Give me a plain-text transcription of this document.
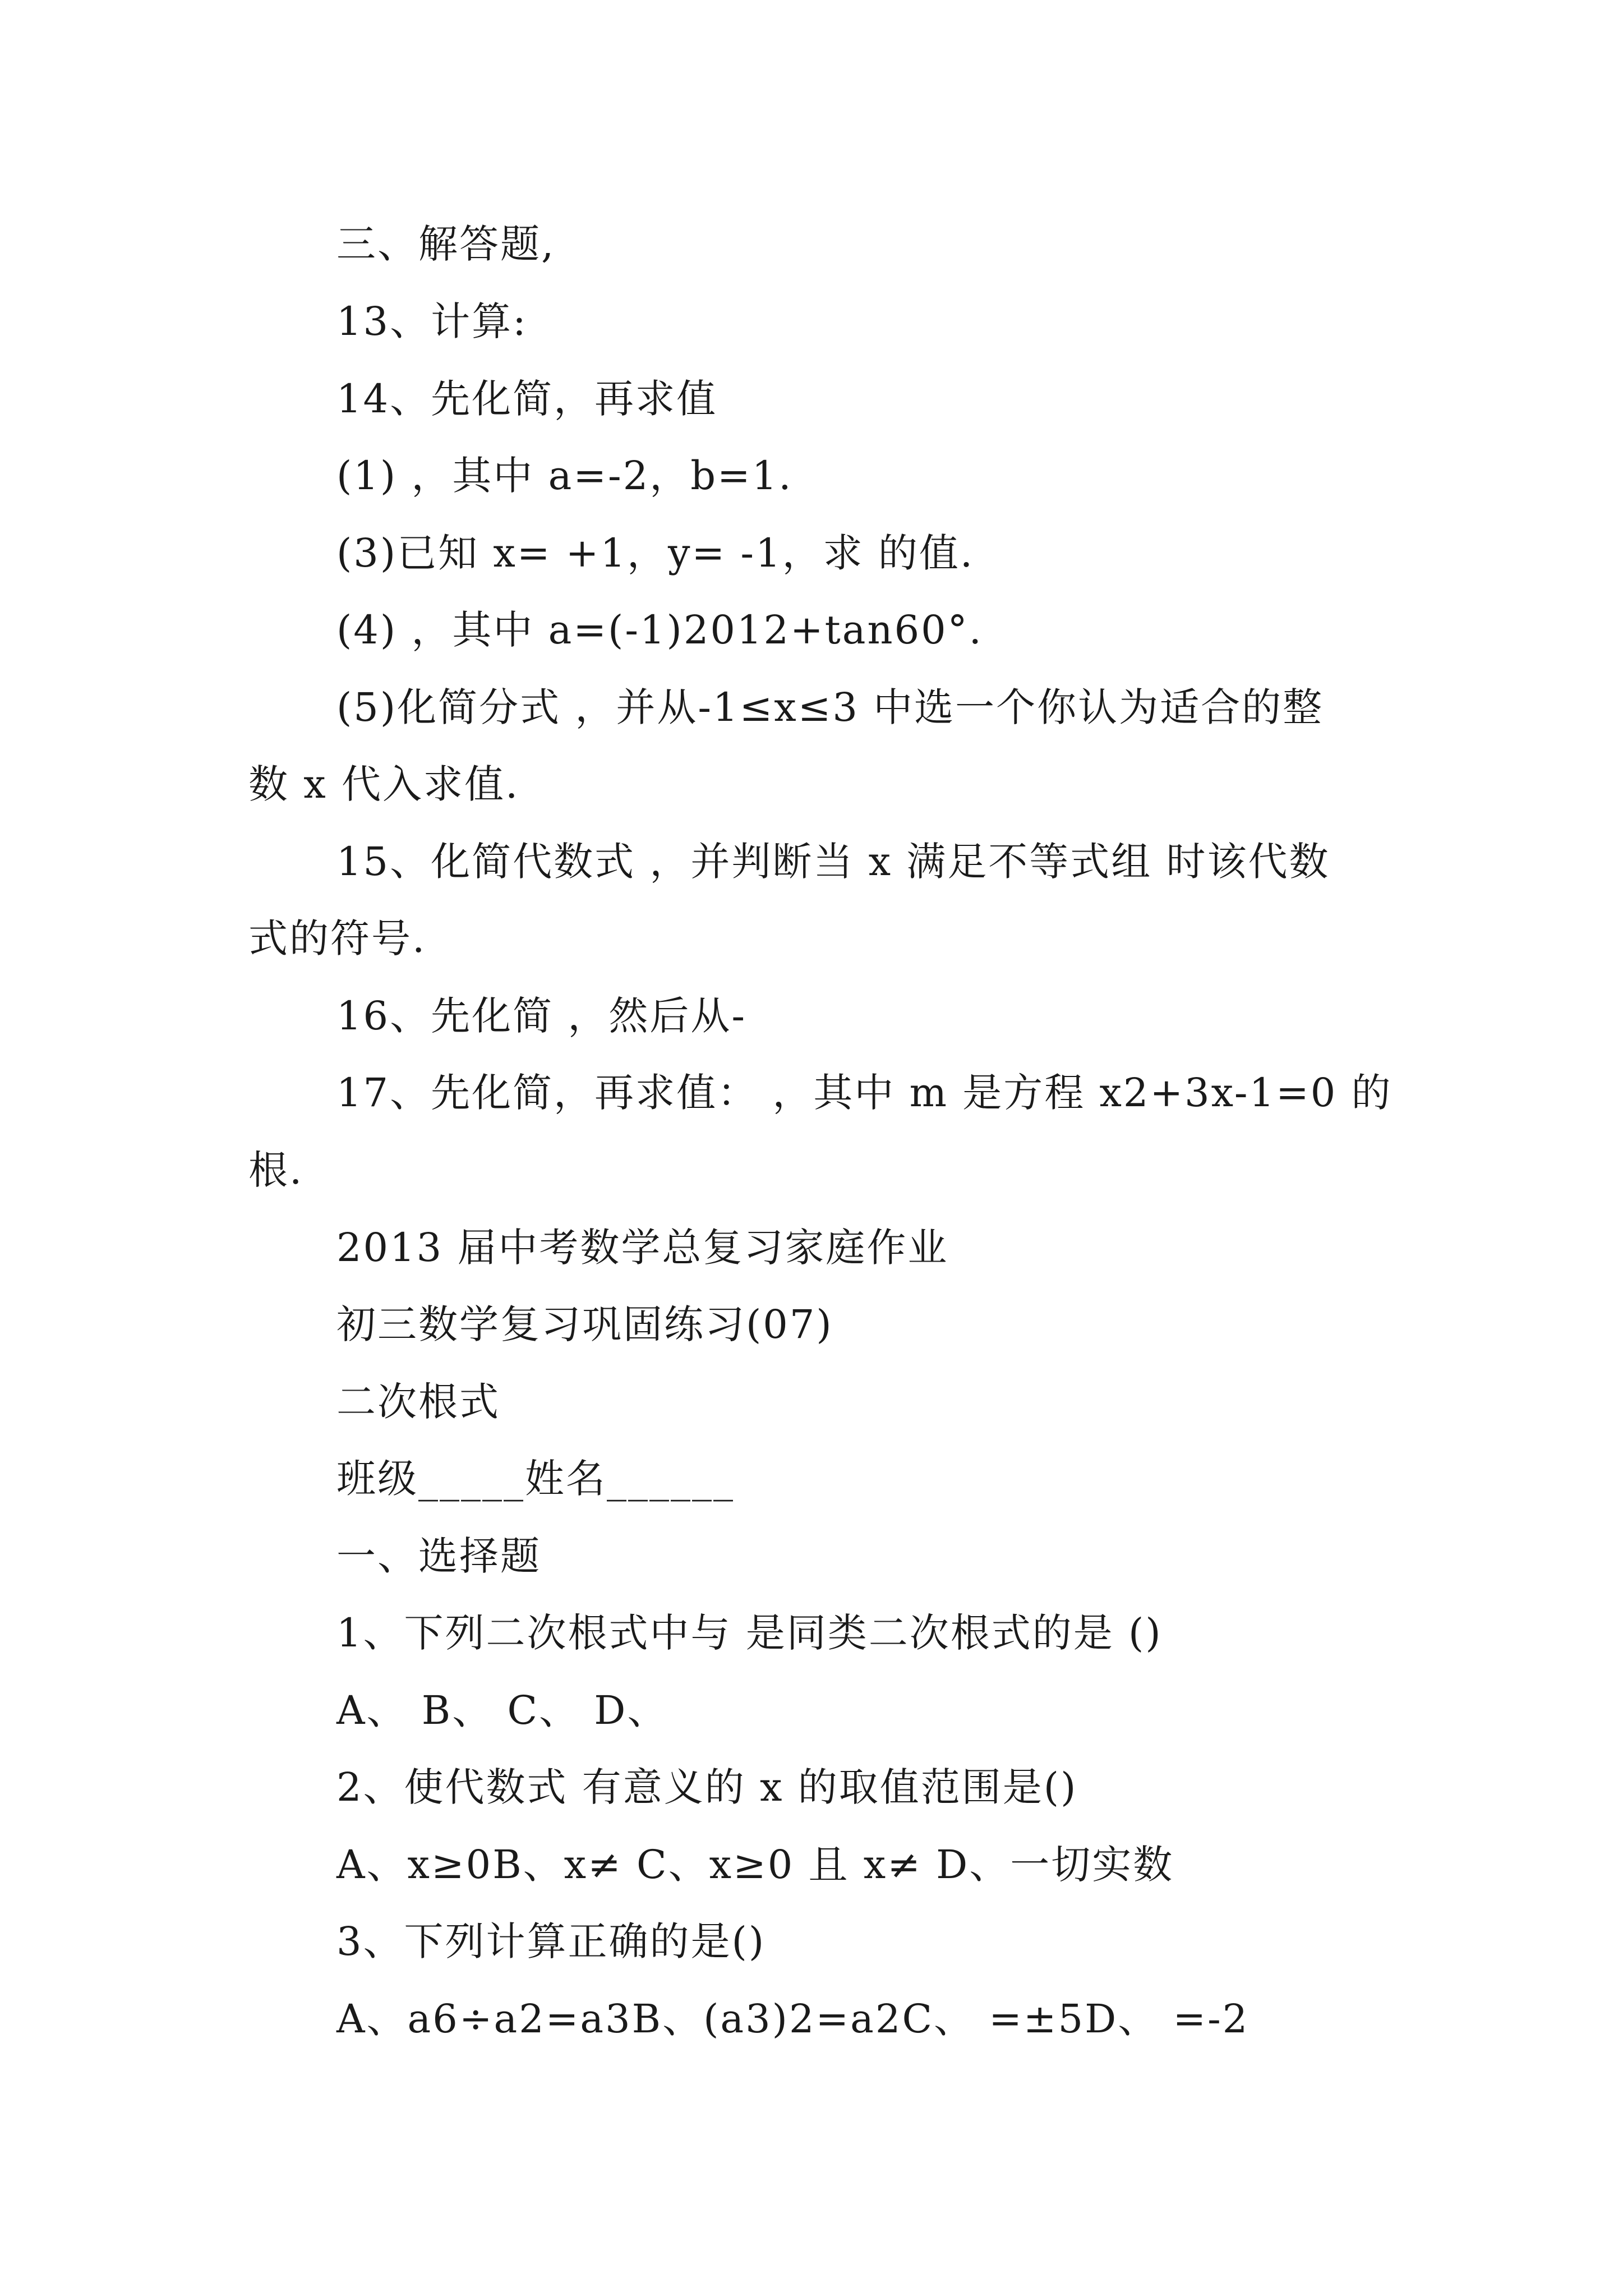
三、解答题,

13、计算:

14、先化简，再求值

(1) ，其中 a=-2，b=1.

(3)已知 x= +1，y= -1，求 的值.

(4) ，其中 a=(-1)2012+tan60°.

(5)化简分式 ，并从-1≤x≤3 中选一个你认为适合的整

数 x 代入求值.

15、化简代数式 ，并判断当 x 满足不等式组 时该代数

式的符号.

16、先化简 ，然后从-

17、先化简，再求值： ，其中 m 是方程 x2+3x-1=0 的

根.

2013 届中考数学总复习家庭作业

初三数学复习巩固练习(07)

二次根式

班级_____姓名______

一、选择题

1、下列二次根式中与 是同类二次根式的是 ()

A、 B、 C、 D、

2、使代数式 有意义的 x 的取值范围是()

A、x≥0B、x≠ C、x≥0 且 x≠ D、一切实数

3、下列计算正确的是()

A、a6÷a2=a3B、(a3)2=a2C、 =±5D、 =-2
